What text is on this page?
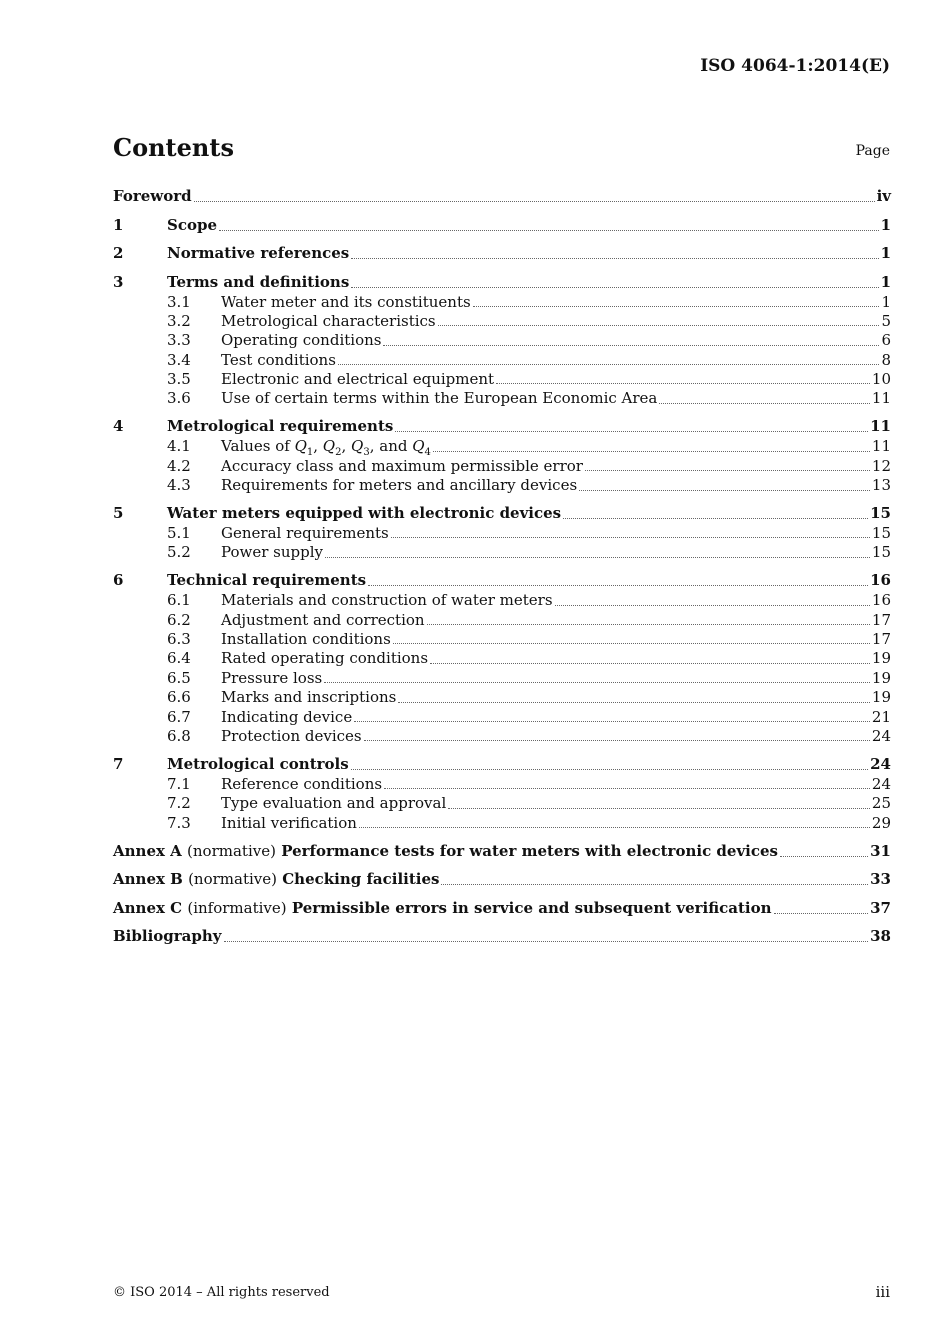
ISO 4064-1:2014(E)
Contents	Page
Foreword	iv
1	Scope	1
2	Normative references	1
3	Terms and definitions	1
3.1	Water meter and its constituents	1
3.2	Metrological characteristics	5
3.3	Operating conditions	6
3.4	Test conditions	8
3.5	Electronic and electrical equipment	10
3.6	Use of certain terms within the European Economic Area	11
4	Metrological requirements	11
4.1	Values of $Q_1$, $Q_2$, $Q_3$, and $Q_4$	11
4.2	Accuracy class and maximum permissible error	12
4.3	Requirements for meters and ancillary devices	13
5	Water meters equipped with electronic devices	15
5.1	General requirements	15
5.2	Power supply	15
6	Technical requirements	16
6.1	Materials and construction of water meters	16
6.2	Adjustment and correction	17
6.3	Installation conditions	17
6.4	Rated operating conditions	19
6.5	Pressure loss	19
6.6	Marks and inscriptions	19
6.7	Indicating device	21
6.8	Protection devices	24
7	Metrological controls	24
7.1	Reference conditions	24
7.2	Type evaluation and approval	25
7.3	Initial verification	29
Annex A (normative) Performance tests for water meters with electronic devices	31
Annex B (normative) Checking facilities	33
Annex C (informative) Permissible errors in service and subsequent verification	37
Bibliography	38
© ISO 2014 – All rights reserved	iii
